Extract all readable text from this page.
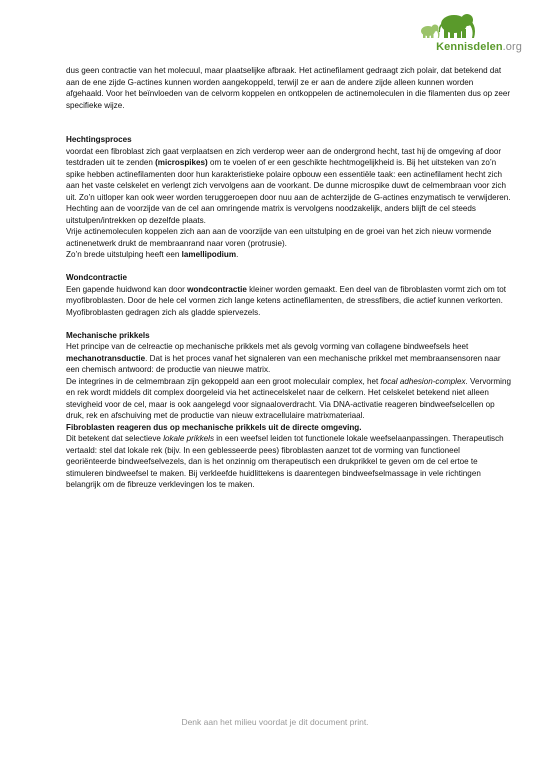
Kennisdelen.org

dus geen contractie van het molecuul, maar plaatselijke afbraak. Het actinefilament gedraagt zich polair, dat betekend dat aan de ene zijde G-actines kunnen worden aangekoppeld, terwijl ze er aan de andere zijde alleen kunnen worden afgehaald. Voor het beïnvloeden van de celvorm koppelen en ontkoppelen de actinemoleculen in die filamenten dus op zeer specifieke wijze.

Hechtingsproces

voordat een fibroblast zich gaat verplaatsen en zich verderop weer aan de ondergrond hecht, tast hij de omgeving af door testdraden uit te zenden (microspikes) om te voelen of er een geschikte hechtmogelijkheid is. Bij het uitsteken van zo’n spike hebben actinefilamenten door hun karakteristieke polaire opbouw een essentiële taak: een actinefilament hecht zich aan het vaste celskelet en verlengt zich vervolgens aan de voorkant. De dunne microspike duwt de celmembraan voor zich uit. Zo’n uitloper kan ook weer worden teruggeroepen door nuu aan de achterzijde de G-actines enzymatisch te verwijderen. Hechting aan de voorzijde van de cel aan omringende matrix is vervolgens noodzakelijk, anders blijft de cel steeds uitstulpen/intrekken op dezelfde plaats.

Vrije actinemoleculen koppelen zich aan aan de voorzijde van een uitstulping en de groei van het zich nieuw vormende actinenetwerk drukt de membraanrand naar voren (protrusie).

Zo’n brede uitstulping heeft een lamellipodium.

Wondcontractie

Een gapende huidwond kan door wondcontractie kleiner worden gemaakt. Een deel van de fibroblasten vormt zich om tot myofibroblasten. Door de hele cel vormen zich lange ketens actinefilamenten, de stressfibers, die actief kunnen verkorten. Myofibroblasten gedragen zich als gladde spiervezels.

Mechanische prikkels

Het principe van de celreactie op mechanische prikkels met als gevolg vorming van collagene bindweefsels heet mechanotransductie. Dat is het proces vanaf het signaleren van een mechanische prikkel met membraansensoren naar een chemisch antwoord: de productie van nieuwe matrix.

De integrines in de celmembraan zijn gekoppeld aan een groot moleculair complex, het focal adhesion-complex. Vervorming en rek wordt middels dit complex doorgeleid via het actinecelskelet naar de celkern. Het celskelet betekend niet alleen stevigheid voor de cel, maar is ook aangelegd voor signaaloverdracht. Via DNA-activatie reageren bindweefselcellen op druk, rek en afschuiving met de productie van nieuw extracellulaire matrixmateriaal.

Fibroblasten reageren dus op mechanische prikkels uit de directe omgeving.

Dit betekent dat selectieve lokale prikkels in een weefsel leiden tot functionele lokale weefselaanpassingen. Therapeutisch vertaald: stel dat lokale rek (bijv. In een geblesseerde pees) fibroblasten aanzet tot de vorming van functioneel georiënteerde bindweefselvezels, dan is het onzinnig om therapeutisch een drukprikkel te geven om de cel ertoe te stimuleren bindweefsel te maken. Bij verkleefde huidlittekens is daarentegen bindweefselmassage in vele richtingen belangrijk om de fibreuze verklevingen los te maken.

Denk aan het milieu voordat je dit document print.
